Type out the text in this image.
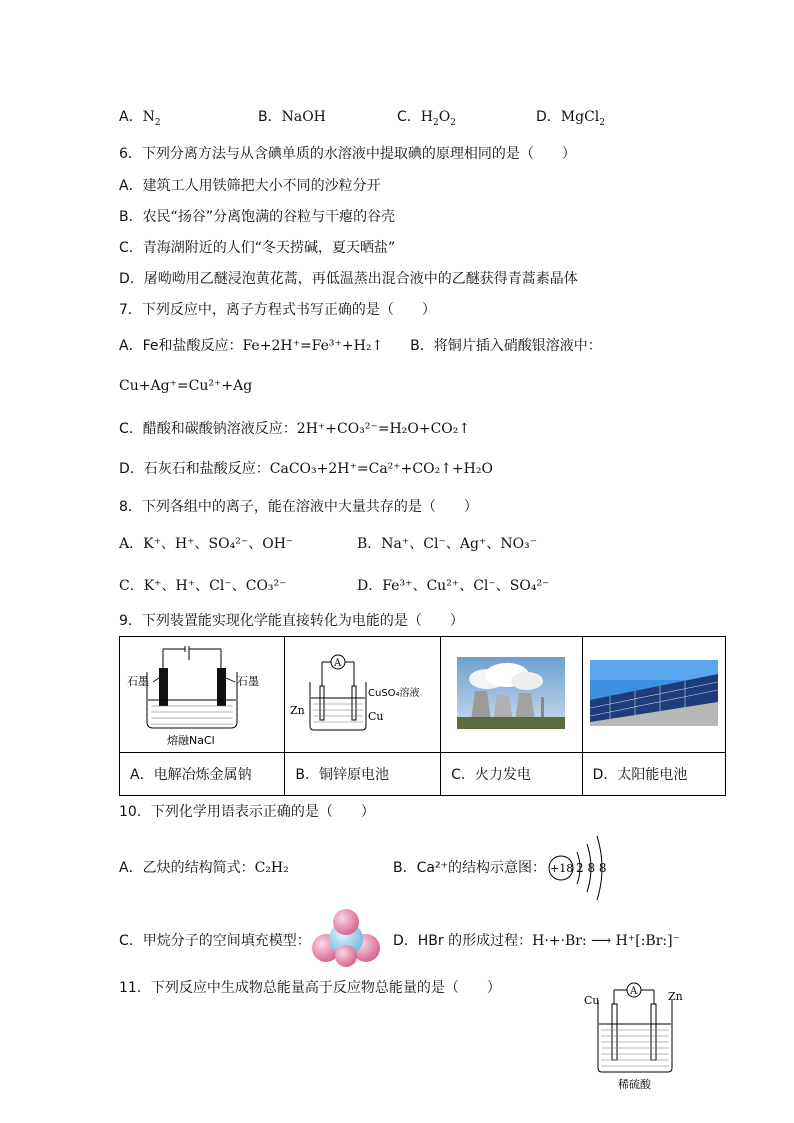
A．$N_2$	B．NaOH	C．$H_2O_2$	D．MgCl$_2$
6．下列分离方法与从含碘单质的水溶液中提取碘的原理相同的是（　　）
A．建筑工人用铁筛把大小不同的沙粒分开
B．农民“扬谷”分离饱满的谷粒与干瘪的谷壳
C．青海湖附近的人们“冬天捞碱，夏天晒盐”
D．屠呦呦用乙醚浸泡黄花蒿，再低温蒸出混合液中的乙醚获得青蒿素晶体
7．下列反应中，离子方程式书写正确的是（　　）
A．Fe和盐酸反应：Fe+2H⁺=Fe³⁺+H₂↑ B．将铜片插入硝酸银溶液中：
Cu+Ag⁺=Cu²⁺+Ag
C．醋酸和碳酸钠溶液反应：2H⁺+CO₃²⁻=H₂O+CO₂↑
D．石灰石和盐酸反应：CaCO₃+2H⁺=Ca²⁺+CO₂↑+H₂O
8．下列各组中的离子，能在溶液中大量共存的是（　　）
A．K⁺、H⁺、SO₄²⁻、OH⁻	B．Na⁺、Cl⁻、Ag⁺、NO₃⁻
C．K⁺、H⁺、Cl⁻、CO₃²⁻	D．Fe³⁺、Cu²⁺、Cl⁻、SO₄²⁻
9．下列装置能实现化学能直接转化为电能的是（　　）
石墨 石墨
熔融NaCl	A
Zn Cu
CuSO₄溶液

A．电解冶炼金属钠	B．铜锌原电池	C．火力发电	D．太阳能电池
10．下列化学用语表示正确的是（　　）
A．乙炔的结构简式：C₂H₂	B．Ca²⁺的结构示意图： +18 2 8 8
C．甲烷分子的空间填充模型：	D．HBr 的形成过程：H·+·Br: ⟶ H⁺[:Br:]⁻
11．下列反应中生成物总能量高于反应物总能量的是（　　）	A
Cu	Zn
稀硫酸
